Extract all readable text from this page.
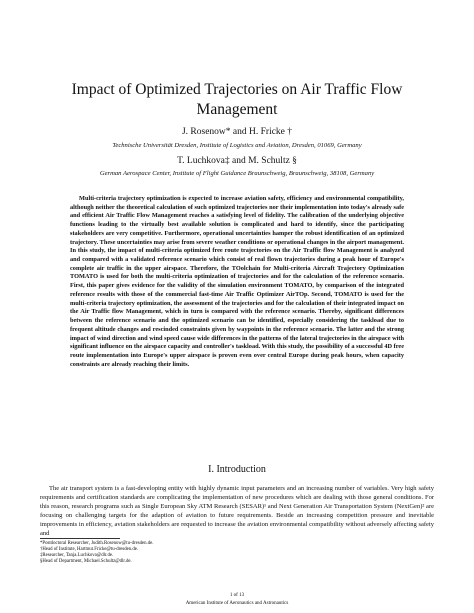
Impact of Optimized Trajectories on Air Traffic Flow
Management
J. Rosenow* and H. Fricke †
Technische Universität Dresden, Institute of Logistics and Aviation, Dresden, 01069, Germany
T. Luchkova‡ and M. Schultz §
German Aerospace Center, Institute of Flight Guidance Braunschweig, Braunschweig, 38108, Germany

Multi-criteria trajectory optimization is expected to increase aviation safety, efficiency and environmental compatibility, although neither the theoretical calculation of such optimized trajectories nor their implementation into today's already safe and efficient Air Traffic Flow Management reaches a satisfying level of fidelity. The calibration of the underlying objective functions leading to the virtually best available solution is complicated and hard to identify, since the participating stakeholders are very competitive. Furthermore, operational uncertainties hamper the robust identification of an optimized trajectory. These uncertainties may arise from severe weather conditions or operational changes in the airport management. In this study, the impact of multi-criteria optimized free route trajectories on the Air Traffic flow Management is analyzed and compared with a validated reference scenario which consist of real flown trajectories during a peak hour of Europe's complete air traffic in the upper airspace. Therefore, the TOolchain for Multi-criteria Aircraft Trajectory Optimization TOMATO is used for both the multi-criteria optimization of trajectories and for the calculation of the reference scenario. First, this paper gives evidence for the validity of the simulation environment TOMATO, by comparison of the integrated reference results with those of the commercial fast-time Air Traffic Optimizer AirTOp. Second, TOMATO is used for the multi-criteria trajectory optimization, the assessment of the trajectories and for the calculation of their integrated impact on the Air Traffic flow Management, which in turn is compared with the reference scenario. Thereby, significant differences between the reference scenario and the optimized scenario can be identified, especially considering the taskload due to frequent altitude changes and rescinded constraints given by waypoints in the reference scenario. The latter and the strong impact of wind direction and wind speed cause wide differences in the patterns of the lateral trajectories in the airspace with significant influence on the airspace capacity and controller's taskload. With this study, the possibility of a successful 4D free route implementation into Europe's upper airspace is proven even over central Europe during peak hours, when capacity constraints are already reaching their limits.

I. Introduction

The air transport system is a fast-developing entity with highly dynamic input parameters and an increasing number of variables. Very high safety requirements and certification standards are complicating the implementation of new procedures which are dealing with those general conditions. For this reason, research programs such as Single European Sky ATM Research (SESAR)¹ and Next Generation Air Transportation System (NextGen)² are focusing on challenging targets for the adaption of aviation to future requirements. Beside an increasing competition pressure and inevitable improvements in efficiency, aviation stakeholders are requested to increase the aviation environmental compatibility without adversely affecting safety and

*Postdoctoral Researcher, Judith.Rosenow@tu-dresden.de.
†Head of Institute, Hartmut.Fricke@tu-dresden.de.
‡Researcher, Tanja.Luchkova@dlr.de.
§Head of Department, Michael.Schultz@dlr.de.
1 of 13
American Institute of Aeronautics and Astronautics
